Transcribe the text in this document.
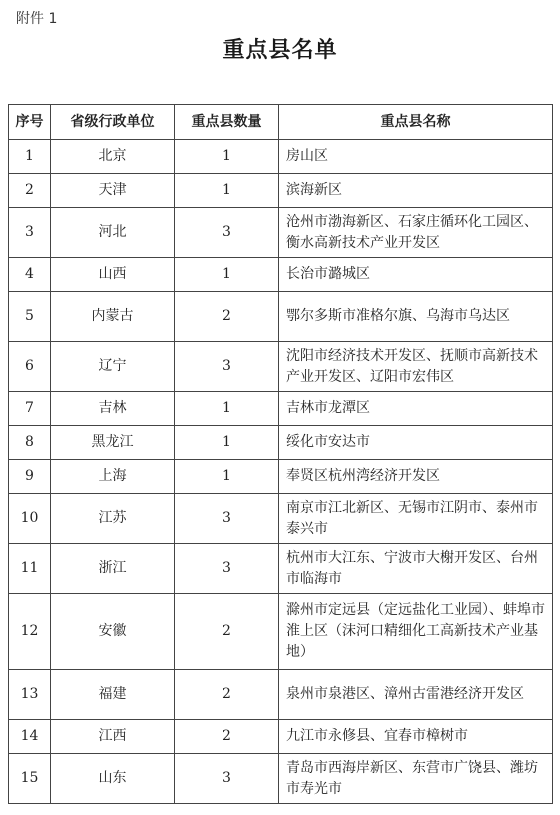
附件 1
重点县名单
序号	省级行政单位	重点县数量	重点县名称
1	北京	1	房山区
2	天津	1	滨海新区
3	河北	3	沧州市渤海新区、石家庄循环化工园区、衡水高新技术产业开发区
4	山西	1	长治市潞城区
5	内蒙古	2	鄂尔多斯市准格尔旗、乌海市乌达区
6	辽宁	3	沈阳市经济技术开发区、抚顺市高新技术产业开发区、辽阳市宏伟区
7	吉林	1	吉林市龙潭区
8	黑龙江	1	绥化市安达市
9	上海	1	奉贤区杭州湾经济开发区
10	江苏	3	南京市江北新区、无锡市江阴市、泰州市泰兴市
11	浙江	3	杭州市大江东、宁波市大榭开发区、台州市临海市
12	安徽	2	滁州市定远县（定远盐化工业园）、蚌埠市淮上区（沫河口精细化工高新技术产业基地）
13	福建	2	泉州市泉港区、漳州古雷港经济开发区
14	江西	2	九江市永修县、宜春市樟树市
15	山东	3	青岛市西海岸新区、东营市广饶县、潍坊市寿光市
